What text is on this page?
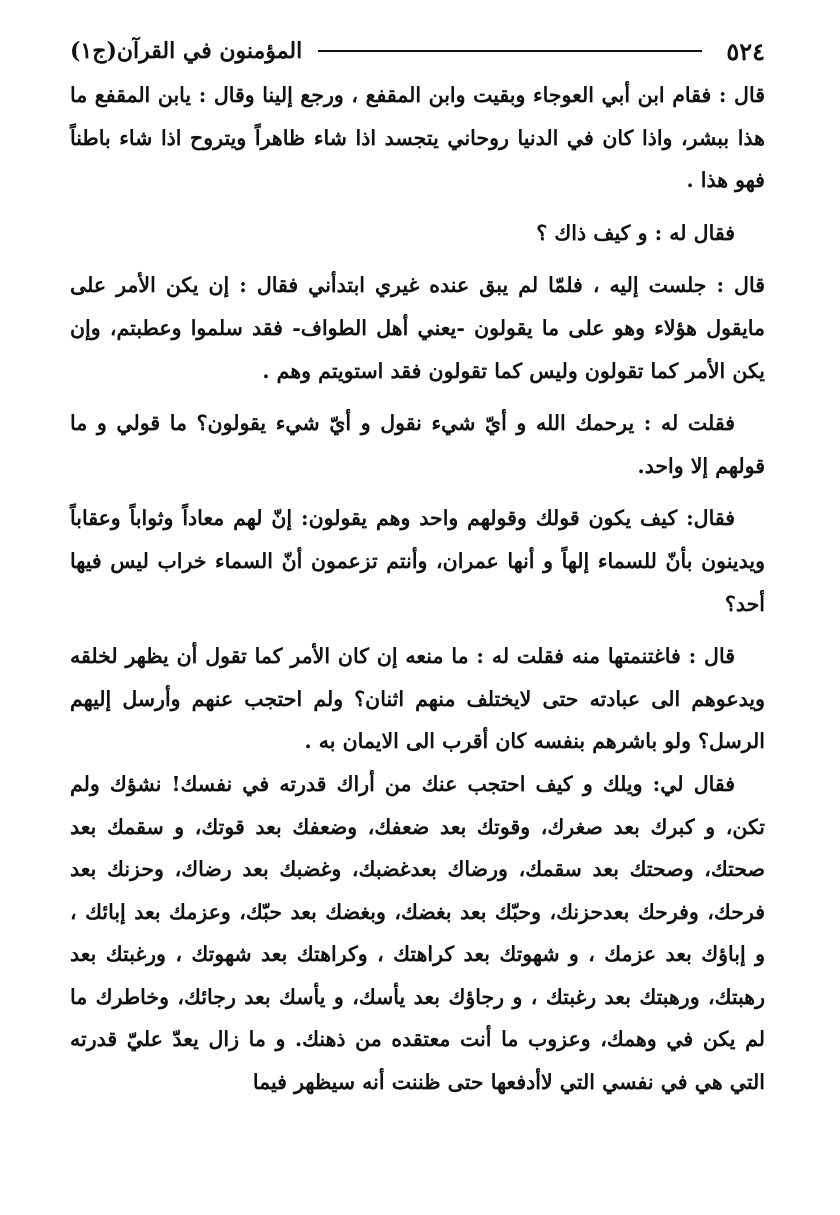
٥٢٤
المؤمنون في القرآن(ج١)

قال : فقام ابن أبي العوجاء وبقيت وابن المقفع ، ورجع إلينا وقال : يابن المقفع ما هذا ببشر، واذا كان في الدنيا روحاني يتجسد اذا شاء ظاهراً ويتروح اذا شاء باطناً فهو هذا .

فقال له : و كيف ذاك ؟

قال : جلست إليه ، فلمّا لم يبق عنده غيري ابتدأني فقال : إن يكن الأمر على مايقول هؤلاء وهو على ما يقولون -يعني أهل الطواف- فقد سلموا وعطبتم، وإن يكن الأمر كما تقولون وليس كما تقولون فقد استويتم وهم .

فقلت له : يرحمك الله و أيّ شيء نقول و أيّ شيء يقولون؟ ما قولي و ما قولهم إلا واحد.

فقال: كيف يكون قولك وقولهم واحد وهم يقولون: إنّ لهم معاداً وثواباً وعقاباً ويدينون بأنّ للسماء إلهاً و أنها عمران، وأنتم تزعمون أنّ السماء خراب ليس فيها أحد؟

قال : فاغتنمتها منه فقلت له : ما منعه إن كان الأمر كما تقول أن يظهر لخلقه ويدعوهم الى عبادته حتى لايختلف منهم اثنان؟ ولم احتجب عنهم وأرسل إليهم الرسل؟ ولو باشرهم بنفسه كان أقرب الى الايمان به .

فقال لي: ويلك و كيف احتجب عنك من أراك قدرته في نفسك! نشؤك ولم تكن، و كبرك بعد صغرك، وقوتك بعد ضعفك، وضعفك بعد قوتك، و سقمك بعد صحتك، وصحتك بعد سقمك، ورضاك بعدغضبك، وغضبك بعد رضاك، وحزنك بعد فرحك، وفرحك بعدحزنك، وحبّك بعد بغضك، وبغضك بعد حبّك، وعزمك بعد إبائك ، و إباؤك بعد عزمك ، و شهوتك بعد كراهتك ، وكراهتك بعد شهوتك ، ورغبتك بعد رهبتك، ورهبتك بعد رغبتك ، و رجاؤك بعد يأسك، و يأسك بعد رجائك، وخاطرك ما لم يكن في وهمك، وعزوب ما أنت معتقده من ذهنك. و ما زال يعدّ عليّ قدرته التي هي في نفسي التي لاأدفعها حتى ظننت أنه سيظهر فيما
